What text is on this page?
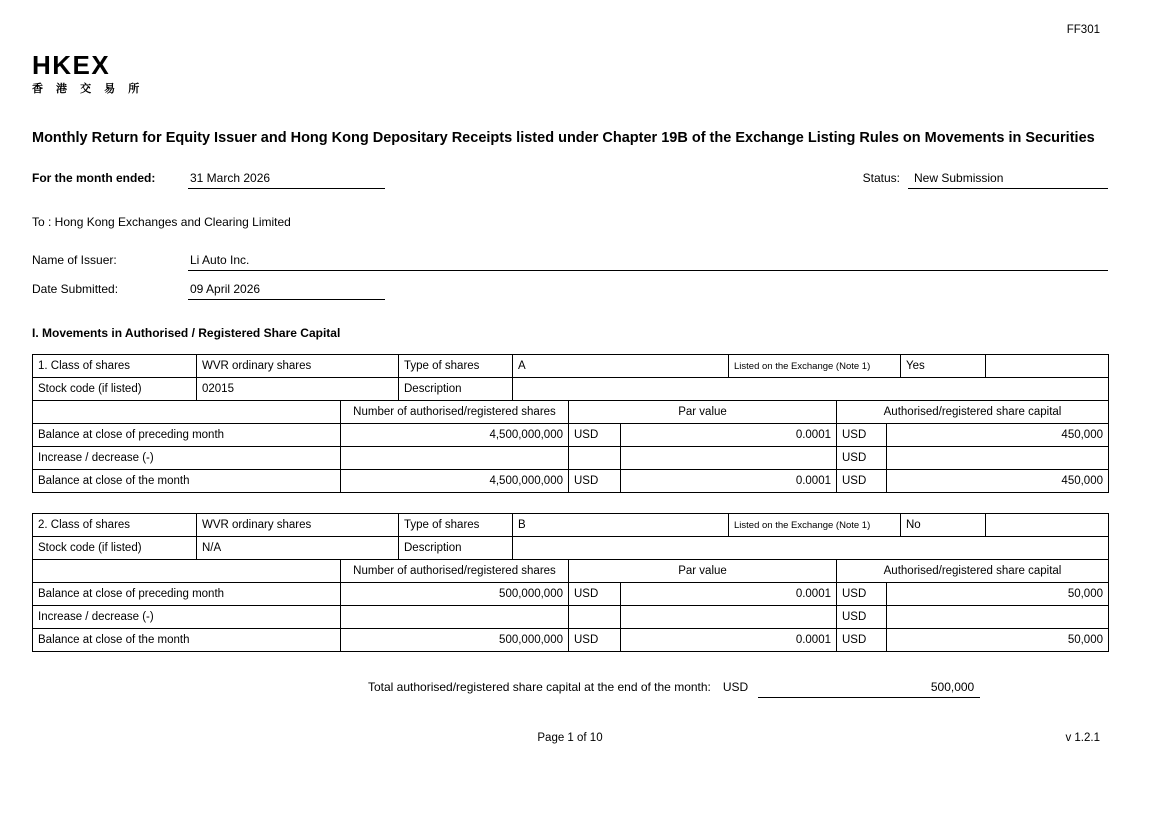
FF301
HKEX
香 港 交 易 所
Monthly Return for Equity Issuer and Hong Kong Depositary Receipts listed under Chapter 19B of the Exchange Listing Rules on Movements in Securities
For the month ended:	31 March 2026	Status:	New Submission
To : Hong Kong Exchanges and Clearing Limited
Name of Issuer:	Li Auto Inc.
Date Submitted:	09 April 2026
I. Movements in Authorised / Registered Share Capital
1. Class of shares	WVR ordinary shares	Type of shares	A	Listed on the Exchange (Note 1)	Yes	
Stock code (if listed)	02015	Description				
	Number of authorised/registered shares	Par value		Authorised/registered share capital	
Balance at close of preceding month	4,500,000,000	USD	0.0001	USD	450,000
Increase / decrease (-)				USD	
Balance at close of the month	4,500,000,000	USD	0.0001	USD	450,000
2. Class of shares	WVR ordinary shares	Type of shares	B	Listed on the Exchange (Note 1)	No	
Stock code (if listed)	N/A	Description				
	Number of authorised/registered shares	Par value		Authorised/registered share capital	
Balance at close of preceding month	500,000,000	USD	0.0001	USD	50,000
Increase / decrease (-)				USD	
Balance at close of the month	500,000,000	USD	0.0001	USD	50,000
Total authorised/registered share capital at the end of the month: USD	500,000
Page 1 of 10	v 1.2.1
